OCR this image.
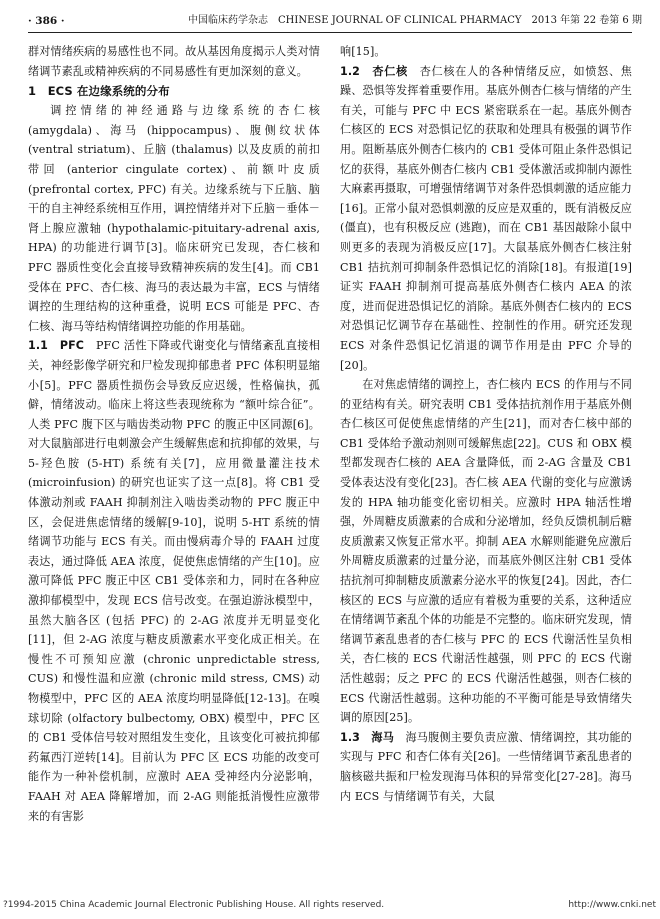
· 386 ·	中国临床药学杂志　CHINESE JOURNAL OF CLINICAL PHARMACY　2013 年第 22 卷第 6 期

群对情绪疾病的易感性也不同。故从基因角度揭示人类对情绪调节素乱或精神疾病的不同易感性有更加深刻的意义。

1　ECS 在边缘系统的分布

调控情绪的神经通路与边缘系统的杏仁核 (amygdala)、海马 (hippocampus)、腹侧纹状体 (ventral striatum)、丘脑 (thalamus) 以及皮质的前扣带回 (anterior cingulate cortex)、前额叶皮质 (prefrontal cortex, PFC) 有关。边缘系统与下丘脑、脑干的自主神经系统相互作用，调控情绪并对下丘脑－垂体－肾上腺应激轴 (hypothalamic-pituitary-adrenal axis, HPA) 的功能进行调节[3]。临床研究已发现，杏仁核和 PFC 器质性变化会直接导致精神疾病的发生[4]。而 CB1 受体在 PFC、杏仁核、海马的表达最为丰富，ECS 与情绪调控的生理结构的这种重叠，说明 ECS 可能是 PFC、杏仁核、海马等结构情绪调控功能的作用基础。

1.1　PFC　 PFC 活性下降或代谢变化与情绪紊乱直接相关，神经影像学研究和尸检发现抑郁患者 PFC 体积明显缩小[5]。PFC 器质性损伤会导致反应迟缓，性格偏执，孤僻，情绪波动。临床上将这些表现统称为 “额叶综合征”。人类 PFC 腹下区与啮齿类动物 PFC 的腹正中区同源[6]。对大鼠脑部进行电刺激会产生缓解焦虑和抗抑郁的效果，与 5-羟色胺 (5-HT) 系统有关[7]，应用微量灌注技术 (microinfusion) 的研究也证实了这一点[8]。将 CB1 受体激动剂或 FAAH 抑制剂注入啮齿类动物的 PFC 腹正中区，会促进焦虑情绪的缓解[9-10]，说明 5-HT 系统的情绪调节功能与 ECS 有关。而由慢病毒介导的 FAAH 过度表达，通过降低 AEA 浓度，促使焦虑情绪的产生[10]。应激可降低 PFC 腹正中区 CB1 受体亲和力，同时在各种应激抑郁模型中，发现 ECS 信号改变。在强迫游泳模型中，虽然大脑各区 (包括 PFC) 的 2-AG 浓度并无明显变化[11]，但 2-AG 浓度与糖皮质激素水平变化成正相关。在慢性不可预知应激 (chronic unpredictable stress, CUS) 和慢性温和应激 (chronic mild stress, CMS) 动物模型中，PFC 区的 AEA 浓度均明显降低[12-13]。在嗅球切除 (olfactory bulbectomy, OBX) 模型中，PFC 区的 CB1 受体信号较对照组发生变化，且该变化可被抗抑郁药氟西汀逆转[14]。目前认为 PFC 区 ECS 功能的改变可能作为一种补偿机制，应激时 AEA 受神经内分泌影响，FAAH 对 AEA 降解增加，而 2-AG 则能抵消慢性应激带来的有害影

响[15]。

1.2　杏仁核　 杏仁核在人的各种情绪反应，如愤怒、焦躁、恐惧等发挥着重要作用。基底外侧杏仁核与情绪的产生有关，可能与 PFC 中 ECS 紧密联系在一起。基底外侧杏仁核区的 ECS 对恐惧记忆的获取和处理具有极强的调节作用。阻断基底外侧杏仁核内的 CB1 受体可阻止条件恐惧记忆的获得，基底外侧杏仁核内 CB1 受体激活或抑制内源性大麻素再摄取，可增强情绪调节对条件恐惧刺激的适应能力[16]。正常小鼠对恐惧刺激的反应是双重的，既有消极反应 (僵直)，也有积极反应 (逃跑)，而在 CB1 基因敲除小鼠中则更多的表现为消极反应[17]。大鼠基底外侧杏仁核注射 CB1 拮抗剂可抑制条件恐惧记忆的消除[18]。有报道[19]证实 FAAH 抑制剂可提高基底外侧杏仁核内 AEA 的浓度，进而促进恐惧记忆的消除。基底外侧杏仁核内的 ECS 对恐惧记忆调节存在基础性、控制性的作用。研究还发现 ECS 对条件恐惧记忆消退的调节作用是由 PFC 介导的[20]。

在对焦虑情绪的调控上，杏仁核内 ECS 的作用与不同的亚结构有关。研究表明 CB1 受体拮抗剂作用于基底外侧杏仁核区可促使焦虑情绪的产生[21]，而对杏仁核中部的 CB1 受体给予激动剂则可缓解焦虑[22]。CUS 和 OBX 模型都发现杏仁核的 AEA 含量降低，而 2-AG 含量及 CB1 受体表达没有变化[23]。杏仁核 AEA 代谢的变化与应激诱发的 HPA 轴功能变化密切相关。应激时 HPA 轴活性增强，外周糖皮质激素的合成和分泌增加，经负反馈机制后糖皮质激素又恢复正常水平。抑制 AEA 水解则能避免应激后外周糖皮质激素的过量分泌，而基底外侧区注射 CB1 受体拮抗剂可抑制糖皮质激素分泌水平的恢复[24]。因此，杏仁核区的 ECS 与应激的适应有着极为重要的关系，这种适应在情绪调节紊乱个体的功能是不完整的。临床研究发现，情绪调节紊乱患者的杏仁核与 PFC 的 ECS 代谢活性呈负相关，杏仁核的 ECS 代谢活性越强，则 PFC 的 ECS 代谢活性越弱；反之 PFC 的 ECS 代谢活性越强，则杏仁核的 ECS 代谢活性越弱。这种功能的不平衡可能是导致情绪失调的原因[25]。

1.3　海马　 海马腹侧主要负责应激、情绪调控，其功能的实现与 PFC 和杏仁体有关[26]。一些情绪调节紊乱患者的脑核磁共振和尸检发现海马体积的异常变化[27-28]。海马内 ECS 与情绪调节有关，大鼠

?1994-2015 China Academic Journal Electronic Publishing House. All rights reserved.	http://www.cnki.net
